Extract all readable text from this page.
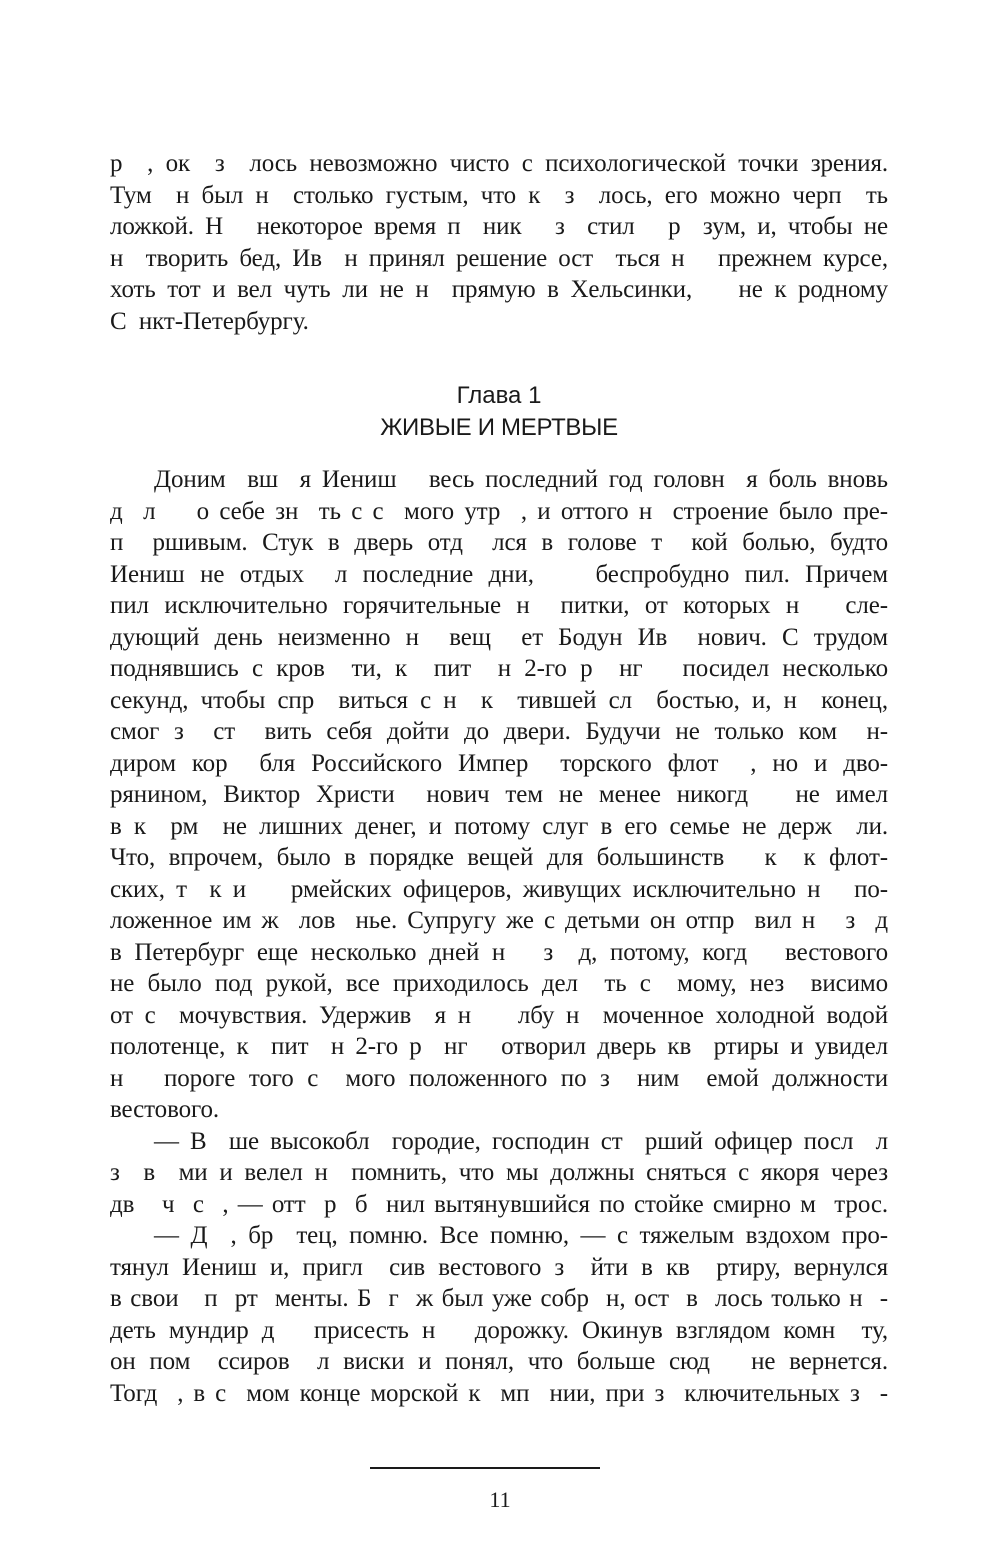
р  , ок  з  лось невозможно чисто с психологической точки зрения.
Тум  н был н  столько густым, что к  з  лось, его можно черп  ть
ложкой. Н   некоторое время п  ник   з  стил   р  зум, и, чтобы не
н  творить бед, Ив  н принял решение ост  ться н   прежнем курсе,
хоть тот и вел чуть ли не н  прямую в Хельсинки,    не к родному
С  нкт-Петербургу.
Глава 1
ЖИВЫЕ И МЕРТВЫЕ
Доним  вш  я Иениш   весь последний год головн  я боль вновь
д  л    о себе зн  ть с с  мого утр  , и оттого н  строение было пре-
п  ршивым. Стук в дверь отд  лся в голове т  кой болью, будто
Иениш не отдых  л последние дни,    беспробудно пил. Причем
пил исключительно горячительные н  питки, от которых н   сле-
дующий день неизменно н  вещ  ет Бодун Ив  нович. С трудом
поднявшись с кров  ти, к  пит  н 2-го р  нг   посидел несколько
секунд, чтобы спр  виться с н  к  тившей сл  бостью, и, н  конец,
смог з  ст  вить себя дойти до двери. Будучи не только ком  н-
диром кор  бля Российского Импер  торского флот  , но и дво-
рянином, Виктор Христи  нович тем не менее никогд   не имел
в к  рм  не лишних денег, и потому слуг в его семье не держ  ли.
Что, впрочем, было в порядке вещей для большинств   к  к флот-
ских, т  к и    рмейских офицеров, живущих исключительно н   по-
ложенное им ж  лов  нье. Супругу же с детьми он отпр  вил н   з  д
в Петербург еще несколько дней н   з  д, потому, когд   вестового
не было под рукой, все приходилось дел  ть с  мому, нез  висимо
от с  мочувствия. Удержив  я н    лбу н  моченное холодной водой
полотенце, к  пит  н 2-го р  нг   отворил дверь кв  ртиры и увидел
н   пороге того с  мого положенного по з  ним  емой должности
вестового.
— В  ше высокобл  городие, господин ст  рший офицер посл  л
з  в  ми и велел н  помнить, что мы должны сняться с якоря через
дв   ч  с  , — отт  р  б  нил вытянувшийся по стойке смирно м  трос.
— Д  , бр  тец, помню. Все помню, — с тяжелым вздохом про-
тянул Иениш и, пригл  сив вестового з  йти в кв  ртиру, вернулся
в свои   п  рт  менты. Б  г  ж был уже собр  н, ост  в  лось только н  -
деть мундир д   присесть н   дорожку. Окинув взглядом комн  ту,
он пом  ссиров  л виски и понял, что больше сюд   не вернется.
Тогд  , в с  мом конце морской к  мп  нии, при з  ключительных з  -
11
